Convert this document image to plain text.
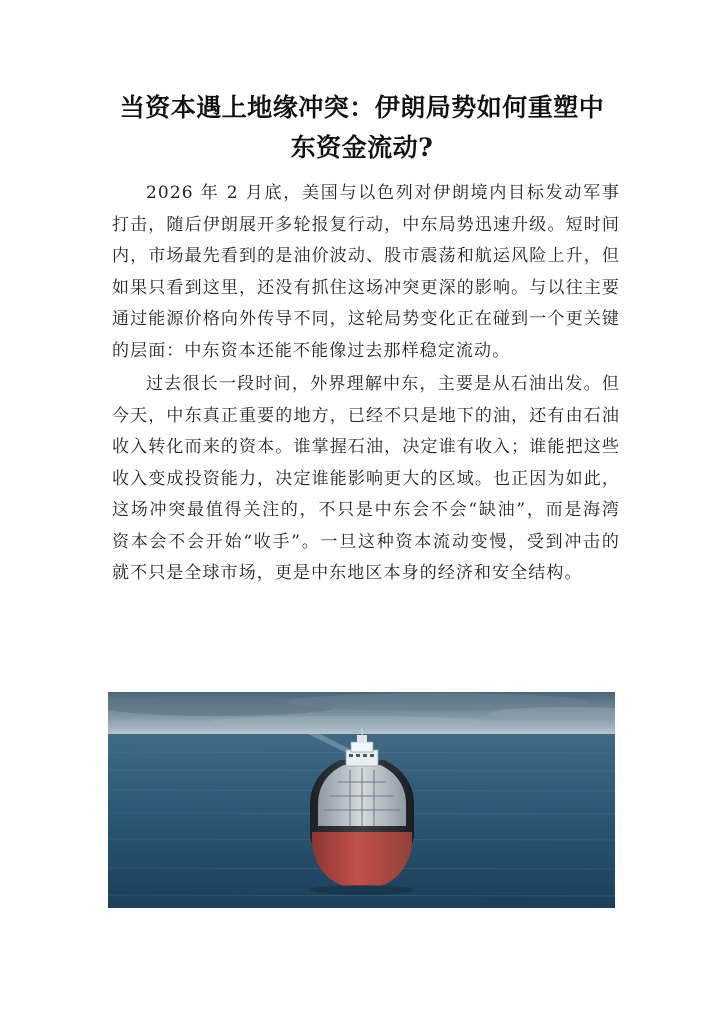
当资本遇上地缘冲突：伊朗局势如何重塑中
东资金流动?

2026 年 2 月底，美国与以色列对伊朗境内目标发动军事打击，随后伊朗展开多轮报复行动，中东局势迅速升级。短时间内，市场最先看到的是油价波动、股市震荡和航运风险上升，但如果只看到这里，还没有抓住这场冲突更深的影响。与以往主要通过能源价格向外传导不同，这轮局势变化正在碰到一个更关键的层面：中东资本还能不能像过去那样稳定流动。

过去很长一段时间，外界理解中东，主要是从石油出发。但今天，中东真正重要的地方，已经不只是地下的油，还有由石油收入转化而来的资本。谁掌握石油，决定谁有收入；谁能把这些收入变成投资能力，决定谁能影响更大的区域。也正因为如此，这场冲突最值得关注的，不只是中东会不会“缺油”，而是海湾资本会不会开始“收手”。一旦这种资本流动变慢，受到冲击的就不只是全球市场，更是中东地区本身的经济和安全结构。
